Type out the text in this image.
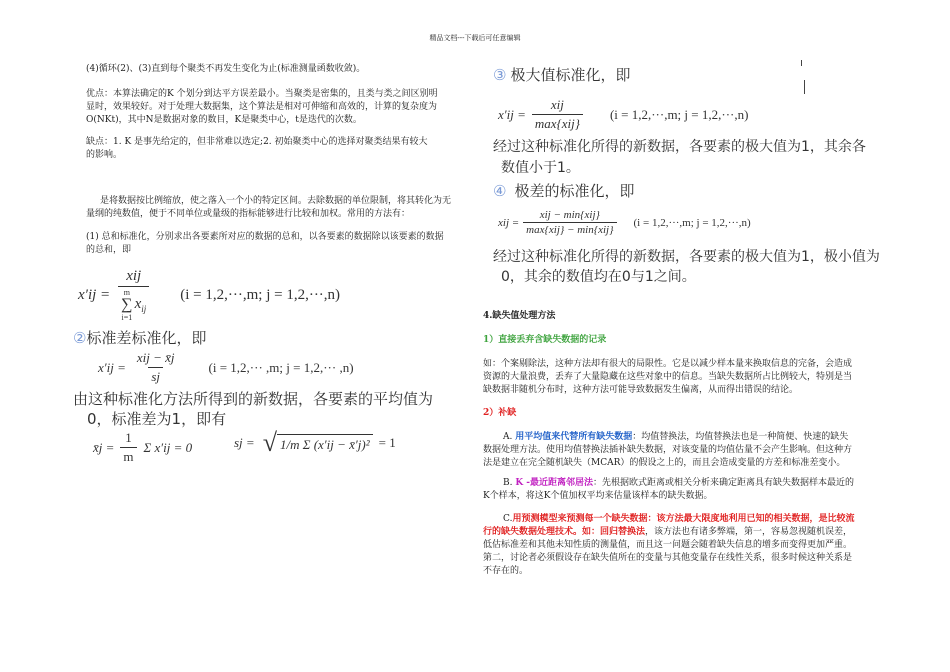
精品文档---下载后可任意编辑
(4)循环(2)、(3)直到每个聚类不再发生变化为止(标准测量函数收敛)。
优点：本算法确定的K 个划分到达平方误差最小。当聚类是密集的，且类与类之间区别明
显时，效果较好。对于处理大数据集，这个算法是相对可伸缩和高效的，计算的复杂度为
O(NKt)，其中N是数据对象的数目，K是聚类中心，t是迭代的次数。
缺点：1. K 是事先给定的，但非常难以选定;2. 初始聚类中心的选择对聚类结果有较大
的影响。
是将数据按比例缩放，使之落入一个小的特定区间。去除数据的单位限制，将其转化为无
量纲的纯数值，便于不同单位或量级的指标能够进行比较和加权。常用的方法有：
(1) 总和标准化，分别求出各要素所对应的数据的总和，以各要素的数据除以该要素的数据
的总和，即
x′ij = xij
m
∑
i=1
$x_{ij}$ (i = 1,2,···,m; j = 1,2,···,n)
②标准差标准化，即
$x'ij = \frac{\text{xij − x̄j}}{sj} (i = 1,2,\cdot\cdot\cdot ,m$; j = 1,2,··· ,n)
由这种标准化方法所得到的新数据，各要素的平均值为
0，标准差为1，即有
x̄j = $\frac{1}{m}$ Σ x′ij = 0	sj = √ 1/m Σ (x′ij − x̄′j)² = 1
③ 极大值标准化，即
$x'ij = \frac{\text{xij}}{\text{max\{xij\}}} (i = 1,2,\cdot\cdot\cdot,m$; j = 1,2,···,n)
经过这种标准化所得的新数据，各要素的极大值为1，其余各
数值小于1。
④ 极差的标准化，即
xij = $\frac{\text{xij − min\{xij\}}}{\text{max\{xij\} − min\{xij\}}} (i = 1,2,\cdot\cdot\cdot,m$; j = 1,2,···,n)
经过这种标准化所得的新数据，各要素的极大值为1，极小值为
0，其余的数值均在0与1之间。
4.缺失值处理方法
1）直接丢弃含缺失数据的记录
如：个案剔除法，这种方法却有很大的局限性。它是以减少样本量来换取信息的完备，会造成
资源的大量浪费，丢弃了大量隐藏在这些对象中的信息。当缺失数据所占比例较大，特别是当
缺数据非随机分布时，这种方法可能导致数据发生偏离，从而得出错误的结论。
2）补缺
A. 用平均值来代替所有缺失数据：均值替换法，均值替换法也是一种简便、快速的缺失
数据处理方法。使用均值替换法插补缺失数据，对该变量的均值估量不会产生影响。但这种方
法是建立在完全随机缺失（MCAR）的假设之上的，而且会造成变量的方差和标准差变小。
B. K -最近距离邻居法：先根据欧式距离或相关分析来确定距离具有缺失数据样本最近的
K个样本，将这K个值加权平均来估量该样本的缺失数据。
C.用预测模型来预测每一个缺失数据：该方法最大限度地利用已知的相关数据，是比较流
行的缺失数据处理技术。如：回归替换法，该方法也有诸多弊端，第一，容易忽视随机误差，
低估标准差和其他未知性质的测量值，而且这一问题会随着缺失信息的增多而变得更加严重。
第二，讨论者必须假设存在缺失值所在的变量与其他变量存在线性关系，很多时候这种关系是
不存在的。
